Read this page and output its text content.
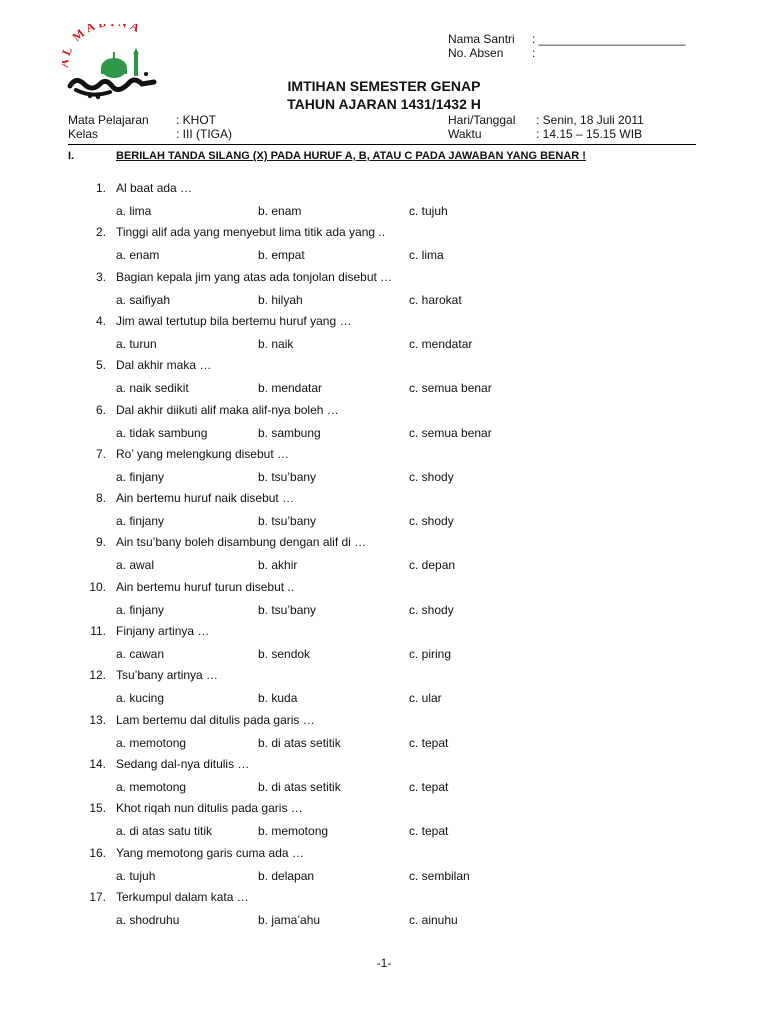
MA A
Nama Santri : ______________________
No. Absen :
IMTIHAN SEMESTER GENAP
TAHUN AJARAN 1431/1432 H
Mata Pelajaran : KHOT	Hari/Tanggal : Senin, 18 Juli 2011
Kelas	: III (TIGA)	Waktu	: 14.15 – 15.15 WIB
I.	BERILAH TANDA SILANG (X) PADA HURUF A, B, ATAU C PADA JAWABAN YANG BENAR !
1. Al baat ada …
a. lima	b. enam	c. tujuh
2. Tinggi alif ada yang menyebut lima titik ada yang ..
a. enam	b. empat	c. lima
3. Bagian kepala jim yang atas ada tonjolan disebut …
a. saifiyah	b. hilyah	c. harokat
4. Jim awal tertutup bila bertemu huruf yang …
a. turun	b. naik	c. mendatar
5. Dal akhir maka …
a. naik sedikit	b. mendatar	c. semua benar
6. Dal akhir diikuti alif maka alif-nya boleh …
a. tidak sambung	b. sambung	c. semua benar
7. Ro’ yang melengkung disebut …
a. finjany	b. tsu’bany	c. shody
8. Ain bertemu huruf naik disebut …
a. finjany	b. tsu’bany	c. shody
9. Ain tsu’bany boleh disambung dengan alif di …
a. awal	b. akhir	c. depan
10. Ain bertemu huruf turun disebut ..
a. finjany	b. tsu’bany	c. shody
11. Finjany artinya …
a. cawan	b. sendok	c. piring
12. Tsu’bany artinya …
a. kucing	b. kuda	c. ular
13. Lam bertemu dal ditulis pada garis …
a. memotong	b. di atas setitik	c. tepat
14. Sedang dal-nya ditulis …
a. memotong	b. di atas setitik	c. tepat
15. Khot riqah nun ditulis pada garis …
a. di atas satu titik	b. memotong	c. tepat
16. Yang memotong garis cuma ada …
a. tujuh	b. delapan	c. sembilan
17. Terkumpul dalam kata …
a. shodruhu	b. jama’ahu	c. ainuhu
-1-
